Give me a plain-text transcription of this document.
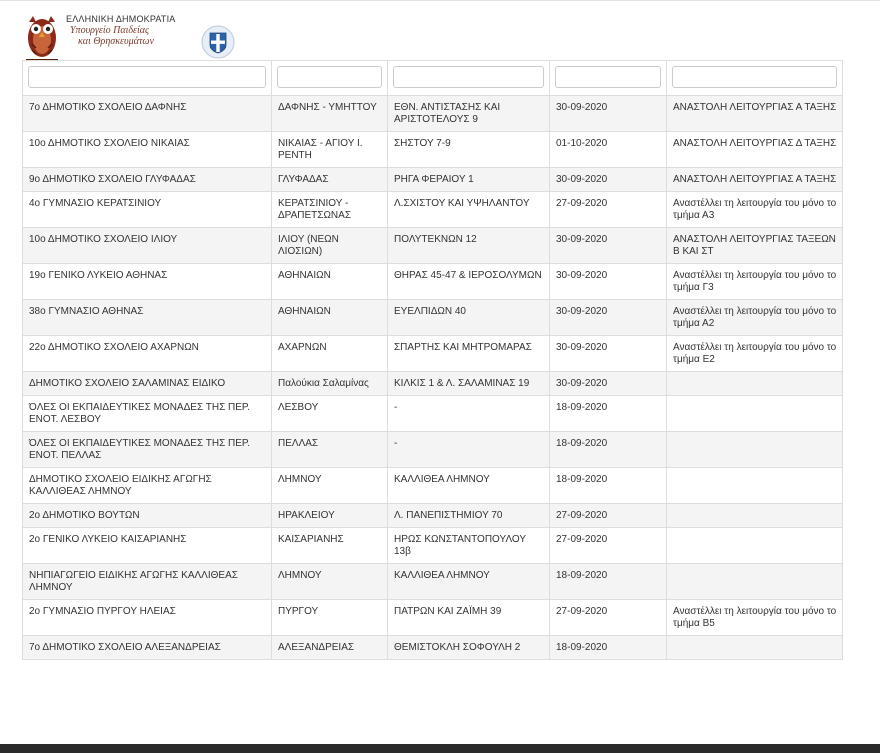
ΕΛΛΗΝΙΚΗ ΔΗΜΟΚΡΑΤΙΑ
Υπουργείο Παιδείας
και Θρησκευμάτων

7ο ΔΗΜΟΤΙΚΟ ΣΧΟΛΕΙΟ ΔΑΦΝΗΣ	ΔΑΦΝΗΣ - ΥΜΗΤΤΟΥ	ΕΘΝ. ΑΝΤΙΣΤΑΣΗΣ ΚΑΙ ΑΡΙΣΤΟΤΕΛΟΥΣ 9	30-09-2020	ΑΝΑΣΤΟΛΗ ΛΕΙΤΟΥΡΓΙΑΣ Α ΤΑΞΗΣ
10ο ΔΗΜΟΤΙΚΟ ΣΧΟΛΕΙΟ ΝΙΚΑΙΑΣ	ΝΙΚΑΙΑΣ - ΑΓΙΟΥ Ι. ΡΕΝΤΗ	ΣΗΣΤΟΥ 7-9	01-10-2020	ΑΝΑΣΤΟΛΗ ΛΕΙΤΟΥΡΓΙΑΣ Δ ΤΑΞΗΣ
9ο ΔΗΜΟΤΙΚΟ ΣΧΟΛΕΙΟ ΓΛΥΦΑΔΑΣ	ΓΛΥΦΑΔΑΣ	ΡΗΓΑ ΦΕΡΑΙΟΥ 1	30-09-2020	ΑΝΑΣΤΟΛΗ ΛΕΙΤΟΥΡΓΙΑΣ Α ΤΑΞΗΣ
4ο ΓΥΜΝΑΣΙΟ ΚΕΡΑΤΣΙΝΙΟΥ	ΚΕΡΑΤΣΙΝΙΟΥ - ΔΡΑΠΕΤΣΩΝΑΣ	Λ.ΣΧΙΣΤΟΥ ΚΑΙ ΥΨΗΛΑΝΤΟΥ	27-09-2020	Αναστέλλει τη λειτουργία του μόνο το τμήμα Α3
10ο ΔΗΜΟΤΙΚΟ ΣΧΟΛΕΙΟ ΙΛΙΟΥ	ΙΛΙΟΥ (ΝΕΩΝ ΛΙΟΣΙΩΝ)	ΠΟΛΥΤΕΚΝΩΝ 12	30-09-2020	ΑΝΑΣΤΟΛΗ ΛΕΙΤΟΥΡΓΙΑΣ ΤΑΞΕΩΝ Β ΚΑΙ ΣΤ
19ο ΓΕΝΙΚΟ ΛΥΚΕΙΟ ΑΘΗΝΑΣ	ΑΘΗΝΑΙΩΝ	ΘΗΡΑΣ 45-47 & ΙΕΡΟΣΟΛΥΜΩΝ	30-09-2020	Αναστέλλει τη λειτουργία του μόνο το τμήμα Γ3
38ο ΓΥΜΝΑΣΙΟ ΑΘΗΝΑΣ	ΑΘΗΝΑΙΩΝ	ΕΥΕΛΠΙΔΩΝ 40	30-09-2020	Αναστέλλει τη λειτουργία του μόνο το τμήμα Α2
22ο ΔΗΜΟΤΙΚΟ ΣΧΟΛΕΙΟ ΑΧΑΡΝΩΝ	ΑΧΑΡΝΩΝ	ΣΠΑΡΤΗΣ ΚΑΙ ΜΗΤΡΟΜΑΡΑΣ	30-09-2020	Αναστέλλει τη λειτουργία του μόνο το τμήμα Ε2
ΔΗΜΟΤΙΚΟ ΣΧΟΛΕΙΟ ΣΑΛΑΜΙΝΑΣ ΕΙΔΙΚΟ	Παλούκια Σαλαμίνας	ΚΙΛΚΙΣ 1 & Λ. ΣΑΛΑΜΙΝΑΣ 19	30-09-2020	
ΌΛΕΣ ΟΙ ΕΚΠΑΙΔΕΥΤΙΚΕΣ ΜΟΝΑΔΕΣ ΤΗΣ ΠΕΡ. ΕΝΟΤ. ΛΕΣΒΟΥ	ΛΕΣΒΟΥ	-	18-09-2020	
ΌΛΕΣ ΟΙ ΕΚΠΑΙΔΕΥΤΙΚΕΣ ΜΟΝΑΔΕΣ ΤΗΣ ΠΕΡ. ΕΝΟΤ. ΠΕΛΛΑΣ	ΠΕΛΛΑΣ	-	18-09-2020	
ΔΗΜΟΤΙΚΟ ΣΧΟΛΕΙΟ ΕΙΔΙΚΗΣ ΑΓΩΓΗΣ ΚΑΛΛΙΘΕΑΣ ΛΗΜΝΟΥ	ΛΗΜΝΟΥ	ΚΑΛΛΙΘΕΑ ΛΗΜΝΟΥ	18-09-2020	
2ο ΔΗΜΟΤΙΚΟ ΒΟΥΤΩΝ	ΗΡΑΚΛΕΙΟΥ	Λ. ΠΑΝΕΠΙΣΤΗΜΙΟΥ 70	27-09-2020	
2ο ΓΕΝΙΚΟ ΛΥΚΕΙΟ ΚΑΙΣΑΡΙΑΝΗΣ	ΚΑΙΣΑΡΙΑΝΗΣ	ΗΡΩΣ ΚΩΝΣΤΑΝΤΟΠΟΥΛΟΥ 13β	27-09-2020	
ΝΗΠΙΑΓΩΓΕΙΟ ΕΙΔΙΚΗΣ ΑΓΩΓΗΣ ΚΑΛΛΙΘΕΑΣ ΛΗΜΝΟΥ	ΛΗΜΝΟΥ	ΚΑΛΛΙΘΕΑ ΛΗΜΝΟΥ	18-09-2020	
2ο ΓΥΜΝΑΣΙΟ ΠΥΡΓΟΥ ΗΛΕΙΑΣ	ΠΥΡΓΟΥ	ΠΑΤΡΩΝ ΚΑΙ ΖΑΪΜΗ 39	27-09-2020	Αναστέλλει τη λειτουργία του μόνο το τμήμα Β5
7ο ΔΗΜΟΤΙΚΟ ΣΧΟΛΕΙΟ ΑΛΕΞΑΝΔΡΕΙΑΣ	ΑΛΕΞΑΝΔΡΕΙΑΣ	ΘΕΜΙΣΤΟΚΛΗ ΣΟΦΟΥΛΗ 2	18-09-2020	
